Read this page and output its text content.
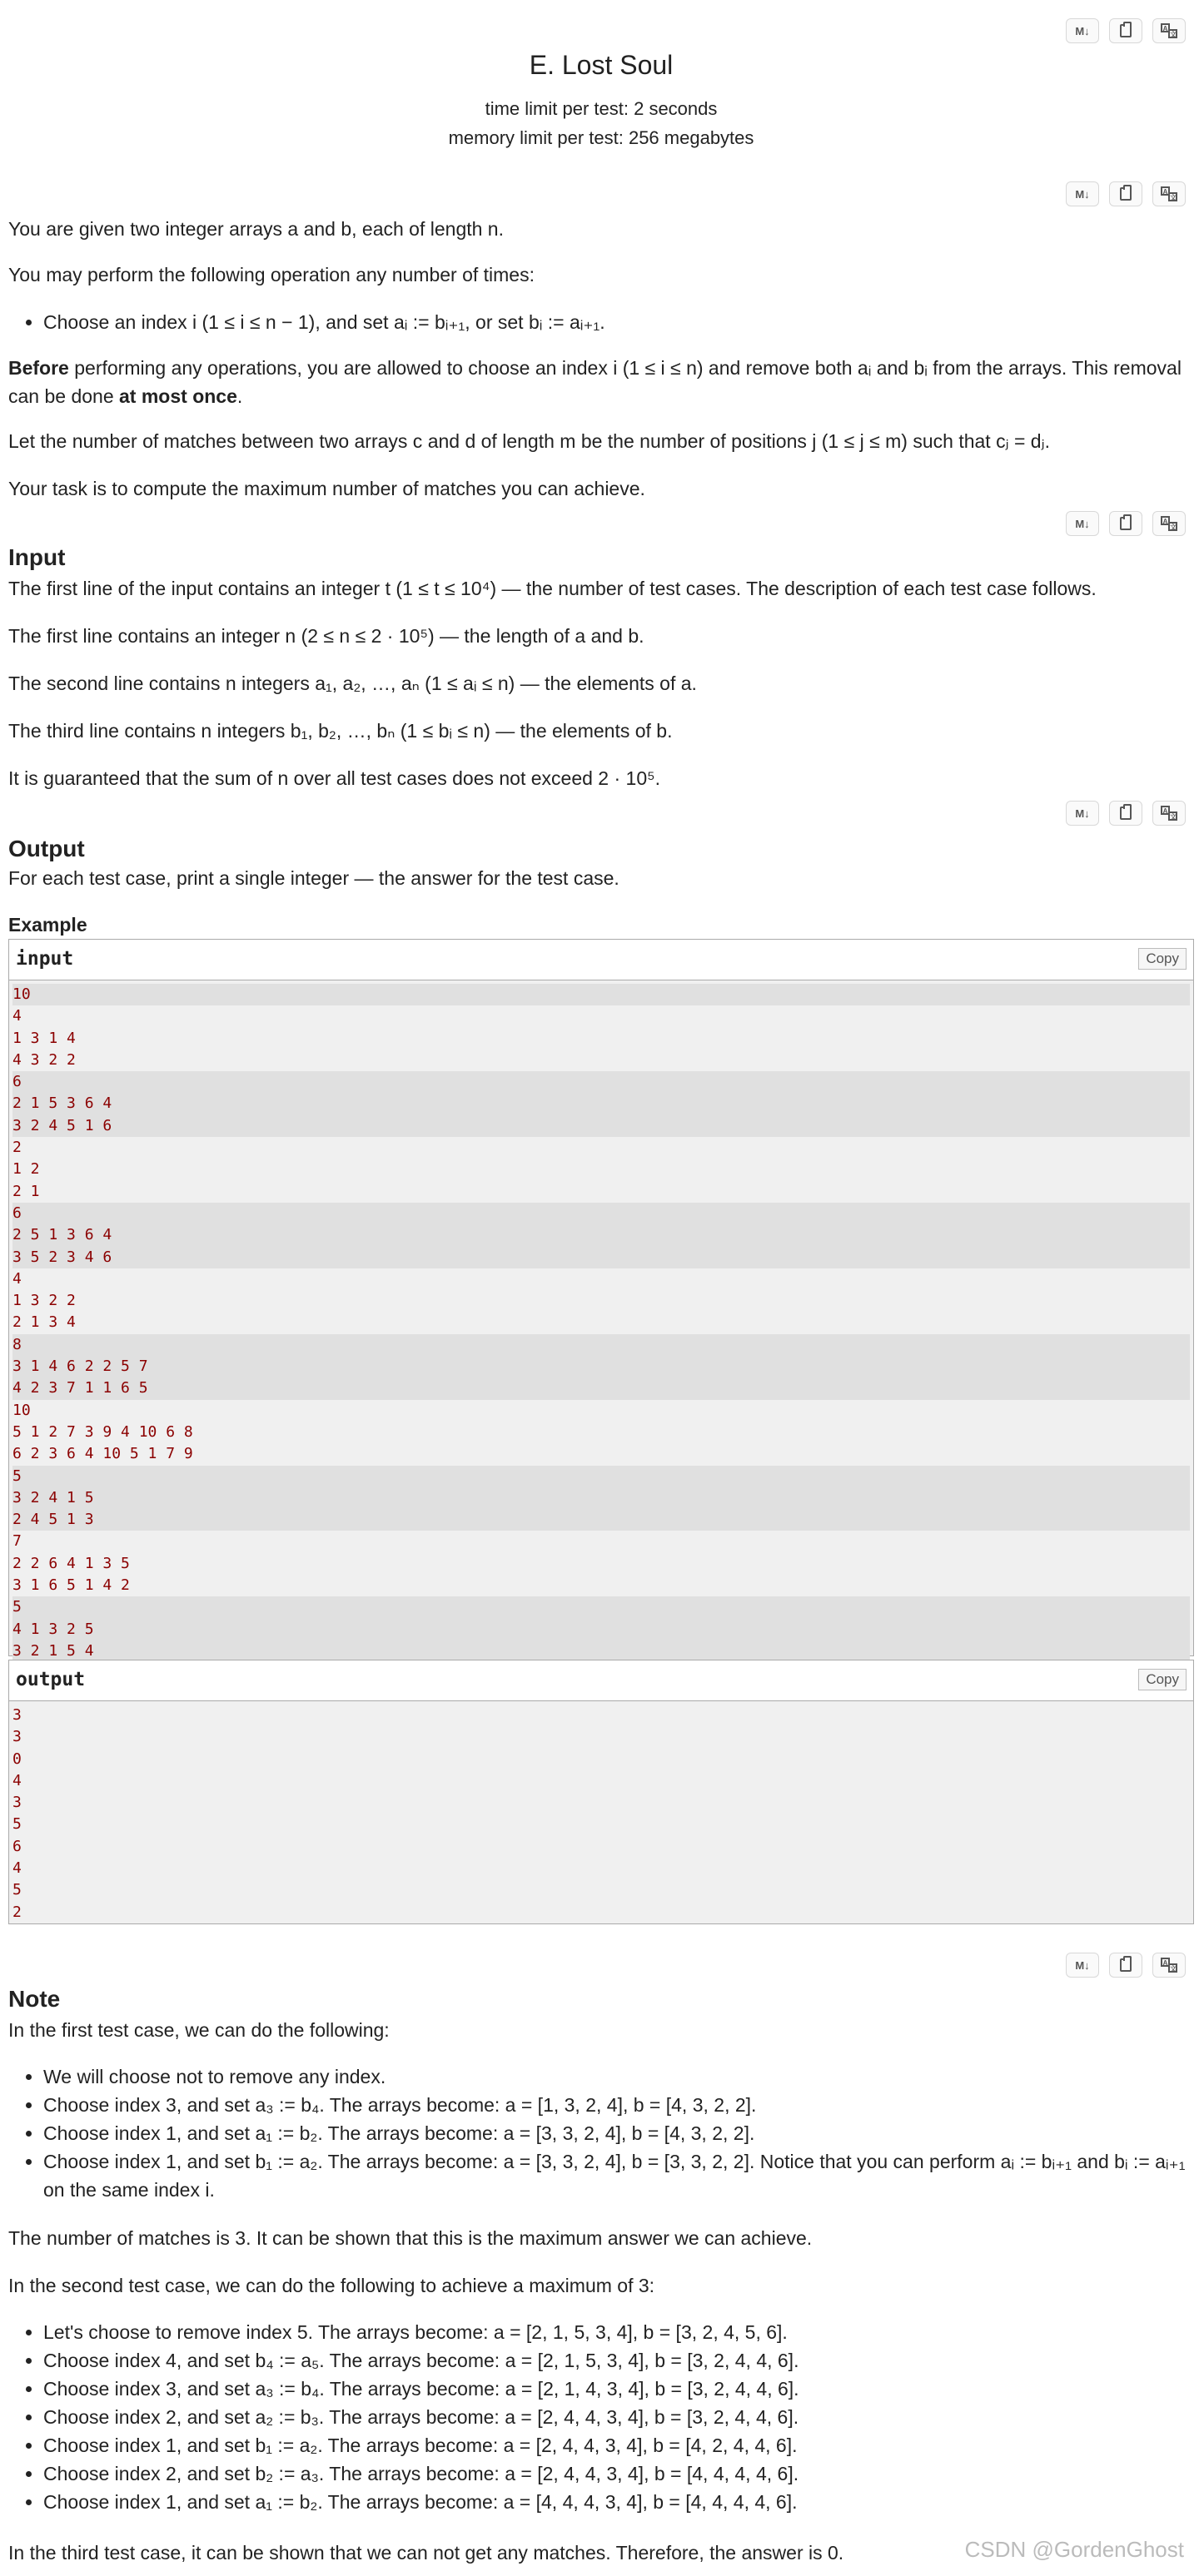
M↓	A
文
E. Lost Soul
time limit per test: 2 seconds
memory limit per test: 256 megabytes
M↓	A
文
You are given two integer arrays a and b, each of length n.
You may perform the following operation any number of times:
• Choose an index i (1 ≤ i ≤ n − 1), and set aᵢ := bᵢ₊₁, or set bᵢ := aᵢ₊₁.
Before performing any operations, you are allowed to choose an index i (1 ≤ i ≤ n) and remove both aᵢ and bᵢ from the arrays. This removal can be done at most once.
Let the number of matches between two arrays c and d of length m be the number of positions j (1 ≤ j ≤ m) such that cⱼ = dⱼ.
Your task is to compute the maximum number of matches you can achieve.
M↓	A
文
Input
The first line of the input contains an integer t (1 ≤ t ≤ 10⁴) — the number of test cases. The description of each test case follows.
The first line contains an integer n (2 ≤ n ≤ 2 · 10⁵) — the length of a and b.
The second line contains n integers a₁, a₂, …, aₙ (1 ≤ aᵢ ≤ n) — the elements of a.
The third line contains n integers b₁, b₂, …, bₙ (1 ≤ bᵢ ≤ n) — the elements of b.
It is guaranteed that the sum of n over all test cases does not exceed 2 · 10⁵.
M↓	A
文
Output
For each test case, print a single integer — the answer for the test case.
Example
input	Copy
10
4
1 3 1 4
4 3 2 2
6
2 1 5 3 6 4
3 2 4 5 1 6
2
1 2
2 1
6
2 5 1 3 6 4
3 5 2 3 4 6
4
1 3 2 2
2 1 3 4
8
3 1 4 6 2 2 5 7
4 2 3 7 1 1 6 5
10
5 1 2 7 3 9 4 10 6 8
6 2 3 6 4 10 5 1 7 9
5
3 2 4 1 5
2 4 5 1 3
7
2 2 6 4 1 3 5
3 1 6 5 1 4 2
5
4 1 3 2 5
3 2 1 5 4
output	Copy
3
3
0
4
3
5
6
4
5
2
M↓	A
文
Note
In the first test case, we can do the following:
• We will choose not to remove any index.
• Choose index 3, and set a₃ := b₄. The arrays become: a = [1, 3, 2, 4], b = [4, 3, 2, 2].
• Choose index 1, and set a₁ := b₂. The arrays become: a = [3, 3, 2, 4], b = [4, 3, 2, 2].
• Choose index 1, and set b₁ := a₂. The arrays become: a = [3, 3, 2, 4], b = [3, 3, 2, 2]. Notice that you can perform aᵢ := bᵢ₊₁ and bᵢ := aᵢ₊₁ on the same index i.
The number of matches is 3. It can be shown that this is the maximum answer we can achieve.
In the second test case, we can do the following to achieve a maximum of 3:
• Let's choose to remove index 5. The arrays become: a = [2, 1, 5, 3, 4], b = [3, 2, 4, 5, 6].
• Choose index 4, and set b₄ := a₅. The arrays become: a = [2, 1, 5, 3, 4], b = [3, 2, 4, 4, 6].
• Choose index 3, and set a₃ := b₄. The arrays become: a = [2, 1, 4, 3, 4], b = [3, 2, 4, 4, 6].
• Choose index 2, and set a₂ := b₃. The arrays become: a = [2, 4, 4, 3, 4], b = [3, 2, 4, 4, 6].
• Choose index 1, and set b₁ := a₂. The arrays become: a = [2, 4, 4, 3, 4], b = [4, 2, 4, 4, 6].
• Choose index 2, and set b₂ := a₃. The arrays become: a = [2, 4, 4, 3, 4], b = [4, 4, 4, 4, 6].
• Choose index 1, and set a₁ := b₂. The arrays become: a = [4, 4, 4, 3, 4], b = [4, 4, 4, 4, 6].
In the third test case, it can be shown that we can not get any matches. Therefore, the answer is 0.	CSDN @GordenGhost
